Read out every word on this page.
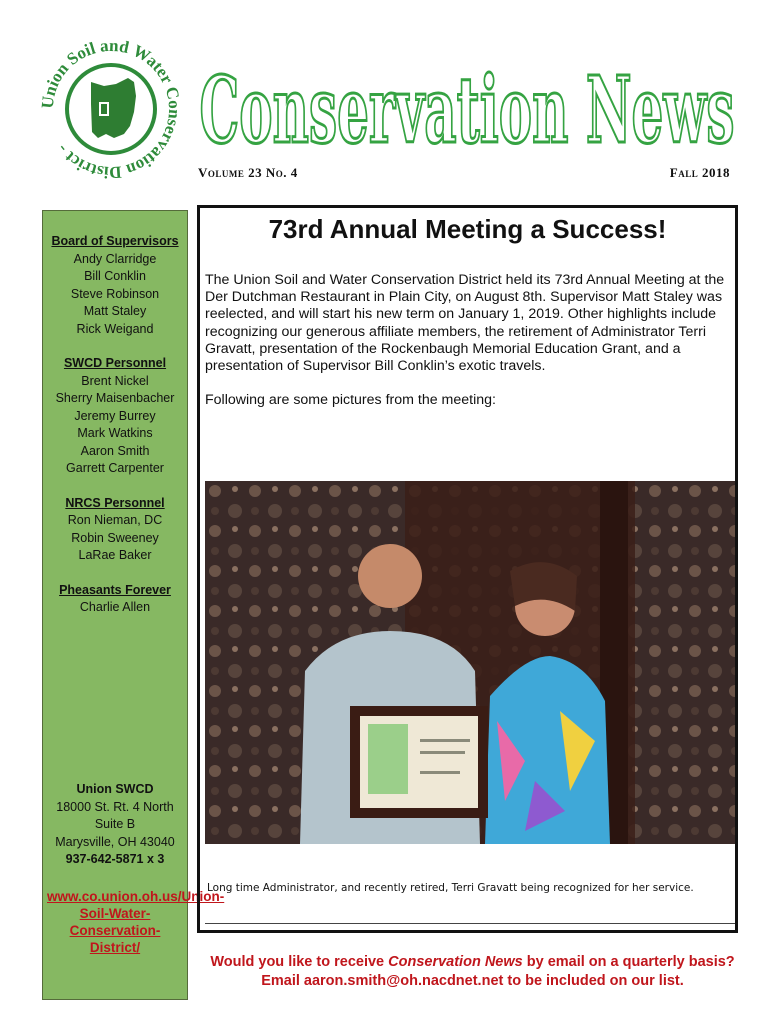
Union Soil and Water Conservation District -	Conservation News
Volume 23 No. 4	Fall 2018
Board of Supervisors
Andy Clarridge
Bill Conklin
Steve Robinson
Matt Staley
Rick Weigand
SWCD Personnel
Brent Nickel
Sherry Maisenbacher
Jeremy Burrey
Mark Watkins
Aaron Smith
Garrett Carpenter
NRCS Personnel
Ron Nieman, DC
Robin Sweeney
LaRae Baker
Pheasants Forever
Charlie Allen
Union SWCD
18000 St. Rt. 4 North
Suite B
Marysville, OH 43040
937-642-5871 x 3
www.co.union.oh.us/Union-Soil-Water-Conservation-District/
73rd Annual Meeting a Success!

The Union Soil and Water Conservation District held its 73rd Annual Meeting at the Der Dutchman Restaurant in Plain City, on August 8th. Supervisor Matt Staley was reelected, and will start his new term on January 1, 2019. Other highlights include recognizing our generous affiliate members, the retirement of Administrator Terri Gravatt, presentation of the Rockenbaugh Memorial Education Grant, and a presentation of Supervisor Bill Conklin’s exotic travels.

Following are some pictures from the meeting:

Long time Administrator, and recently retired, Terri Gravatt being recognized for her service.
Would you like to receive Conservation News by email on a quarterly basis?
Email aaron.smith@oh.nacdnet.net to be included on our list.
